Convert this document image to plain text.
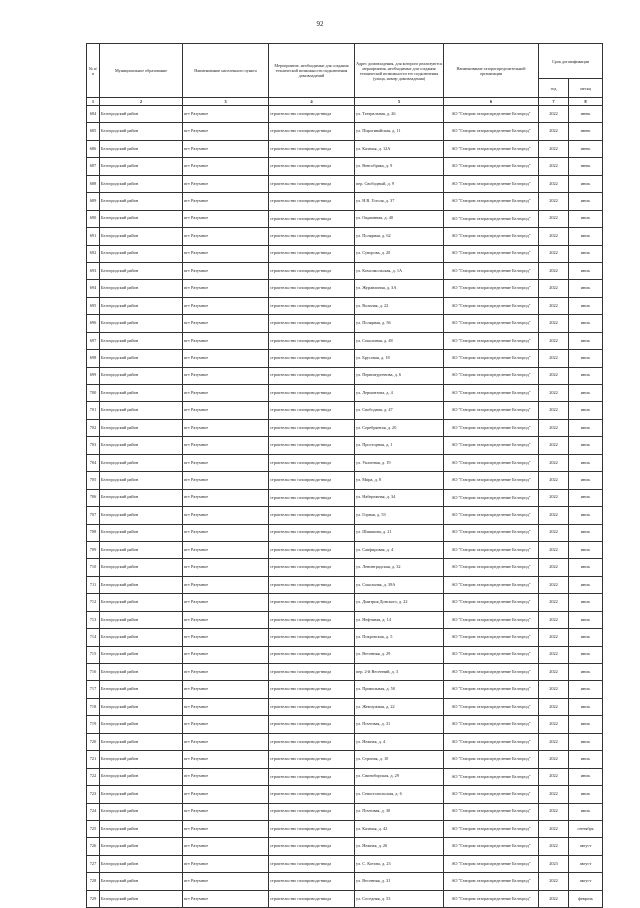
92
№ п/п	Муниципальное образование	Наименование населенного пункта	Мероприятие, необходимые для создания технической возможности подключения домовладений	Адрес домовладения, для которого реализуются мероприятия, необходимые для создания технической возможности его подключения (улица, номер домовладения)	Наименование газораспределительной организации	Срок догазификации	
						год	месяц
1	2	3	4	5	6	7	8
684	Белгородский район	пгт Разумное	строительство газопровода-ввода	ул. Театральная, д. 26	АО "Газпром газораспределение Белгород"	2022	июнь
685	Белгородский район	пгт Разумное	строительство газопровода-ввода	ул. Пирогивайская, д. 11	АО "Газпром газораспределение Белгород"	2022	июнь
686	Белгородский район	пгт Разумное	строительство газопровода-ввода	ул. Казачья, д. 12А	АО "Газпром газораспределение Белгород"	2022	июнь
687	Белгородский район	пгт Разумное	строительство газопровода-ввода	ул. Венсобряка, д. 9	АО "Газпром газораспределение Белгород"	2022	июнь
688	Белгородский район	пгт Разумное	строительство газопровода-ввода	пер. Свободный, д. 9	АО "Газпром газораспределение Белгород"	2022	июль
689	Белгородский район	пгт Разумное	строительство газопровода-ввода	ул. Н.В. Гоголя, д. 37	АО "Газпром газораспределение Белгород"	2022	июль
690	Белгородский район	пгт Разумное	строительство газопровода-ввода	ул. Окраинная, д. 40	АО "Газпром газораспределение Белгород"	2022	июль
691	Белгородский район	пгт Разумное	строительство газопровода-ввода	ул. Полярная, д. 62	АО "Газпром газораспределение Белгород"	2022	июль
692	Белгородский район	пгт Разумное	строительство газопровода-ввода	ул. Суворова, д. 20	АО "Газпром газораспределение Белгород"	2022	июль
693	Белгородский район	пгт Разумное	строительство газопровода-ввода	ул. Комсомольская, д. 1А	АО "Газпром газораспределение Белгород"	2022	июль
694	Белгородский район	пгт Разумное	строительство газопровода-ввода	ул. Журавлиная, д. 3А	АО "Газпром газораспределение Белгород"	2022	июль
695	Белгородский район	пгт Разумное	строительство газопровода-ввода	ул. Вольная, д. 22	АО "Газпром газораспределение Белгород"	2022	июль
696	Белгородский район	пгт Разумное	строительство газопровода-ввода	ул. Полярная, д. 56	АО "Газпром газораспределение Белгород"	2022	июль
697	Белгородский район	пгт Разумное	строительство газопровода-ввода	ул. Соколиная, д. 48	АО "Газпром газораспределение Белгород"	2022	июль
698	Белгородский район	пгт Разумное	строительство газопровода-ввода	ул. Брусовая, д. 18	АО "Газпром газораспределение Белгород"	2022	июль
699	Белгородский район	пгт Разумное	строительство газопровода-ввода	ул. Первомургенова, д. 6	АО "Газпром газораспределение Белгород"	2022	июль
700	Белгородский район	пгт Разумное	строительство газопровода-ввода	ул. Лермонтова, д. 4	АО "Газпром газораспределение Белгород"	2022	июль
701	Белгородский район	пгт Разумное	строительство газопровода-ввода	ул. Свободная, д. 47	АО "Газпром газораспределение Белгород"	2022	июль
702	Белгородский район	пгт Разумное	строительство газопровода-ввода	ул. Серебрянтая, д. 20	АО "Газпром газораспределение Белгород"	2022	июль
703	Белгородский район	пгт Разумное	строительство газопровода-ввода	ул. Просторная, д. 1	АО "Газпром газораспределение Белгород"	2022	июль
704	Белгородский район	пгт Разумное	строительство газопровода-ввода	ул. Уклонная, д. 19	АО "Газпром газораспределение Белгород"	2022	июль
705	Белгородский район	пгт Разумное	строительство газопровода-ввода	ул. Мира, д. 8	АО "Газпром газораспределение Белгород"	2022	июль
706	Белгородский район	пгт Разумное	строительство газопровода-ввода	ул. Набережная, д. 34	АО "Газпром газораспределение Белгород"	2022	июль
707	Белгородский район	пгт Разумное	строительство газопровода-ввода	ул. Горная, д. 53	АО "Газпром газораспределение Белгород"	2022	июль
708	Белгородский район	пгт Разумное	строительство газопровода-ввода	ул. Шишкина, д. 21	АО "Газпром газораспределение Белгород"	2022	июль
709	Белгородский район	пгт Разумное	строительство газопровода-ввода	ул. Сапфировая, д. 4	АО "Газпром газораспределение Белгород"	2022	июль
710	Белгородский район	пгт Разумное	строительство газопровода-ввода	ул. Ленинградская, д. 32	АО "Газпром газораспределение Белгород"	2022	июль
711	Белгородский район	пгт Разумное	строительство газопровода-ввода	ул. Сокольная, д. 39А	АО "Газпром газораспределение Белгород"	2022	июль
712	Белгородский район	пгт Разумное	строительство газопровода-ввода	ул. Дмитрия Донского, д. 22	АО "Газпром газораспределение Белгород"	2022	июль
713	Белгородский район	пгт Разумное	строительство газопровода-ввода	ул. Нефтяная, д. 14	АО "Газпром газораспределение Белгород"	2022	июль
714	Белгородский район	пгт Разумное	строительство газопровода-ввода	ул. Покровская, д. 5	АО "Газпром газораспределение Белгород"	2022	июль
715	Белгородский район	пгт Разумное	строительство газопровода-ввода	ул. Весенняя, д. 29	АО "Газпром газораспределение Белгород"	2022	июль
716	Белгородский район	пгт Разумное	строительство газопровода-ввода	пер. 2-й Весенний, д. 3	АО "Газпром газораспределение Белгород"	2022	июль
717	Белгородский район	пгт Разумное	строительство газопровода-ввода	ул. Привольная, д. 50	АО "Газпром газораспределение Белгород"	2022	июль
718	Белгородский район	пгт Разумное	строительство газопровода-ввода	ул. Жемчужная, д. 22	АО "Газпром газораспределение Белгород"	2022	июль
719	Белгородский район	пгт Разумное	строительство газопровода-ввода	ул. Почтовая, д. 31	АО "Газпром газораспределение Белгород"	2022	июль
720	Белгородский район	пгт Разумное	строительство газопровода-ввода	ул. Нежная, д. 4	АО "Газпром газораспределение Белгород"	2022	июль
721	Белгородский район	пгт Разумное	строительство газопровода-ввода	ул. Строная, д. 10	АО "Газпром газораспределение Белгород"	2022	июль
722	Белгородский район	пгт Разумное	строительство газопровода-ввода	ул. Свиноборская, д. 29	АО "Газпром газораспределение Белгород"	2022	июль
723	Белгородский район	пгт Разумное	строительство газопровода-ввода	ул. Севастопольская, д. 6	АО "Газпром газораспределение Белгород"	2022	июль
724	Белгородский район	пгт Разумное	строительство газопровода-ввода	ул. Почтовая, д. 30	АО "Газпром газораспределение Белгород"	2022	июль
725	Белгородский район	пгт Разумное	строительство газопровода-ввода	ул. Казачья, д. 42	АО "Газпром газораспределение Белгород"	2022	сентябрь
726	Белгородский район	пгт Разумное	строительство газопровода-ввода	ул. Нежная, д. 26	АО "Газпром газораспределение Белгород"	2022	август
727	Белгородский район	пгт Разумное	строительство газопровода-ввода	ул. С. Котова, д. 23	АО "Газпром газораспределение Белгород"	2023	август
728	Белгородский район	пгт Разумное	строительство газопровода-ввода	ул. Весенняя, д. 31	АО "Газпром газораспределение Белгород"	2022	август
729	Белгородский район	пгт Разумное	строительство газопровода-ввода	ул. Соседняя, д. 53	АО "Газпром газораспределение Белгород"	2022	февраль
